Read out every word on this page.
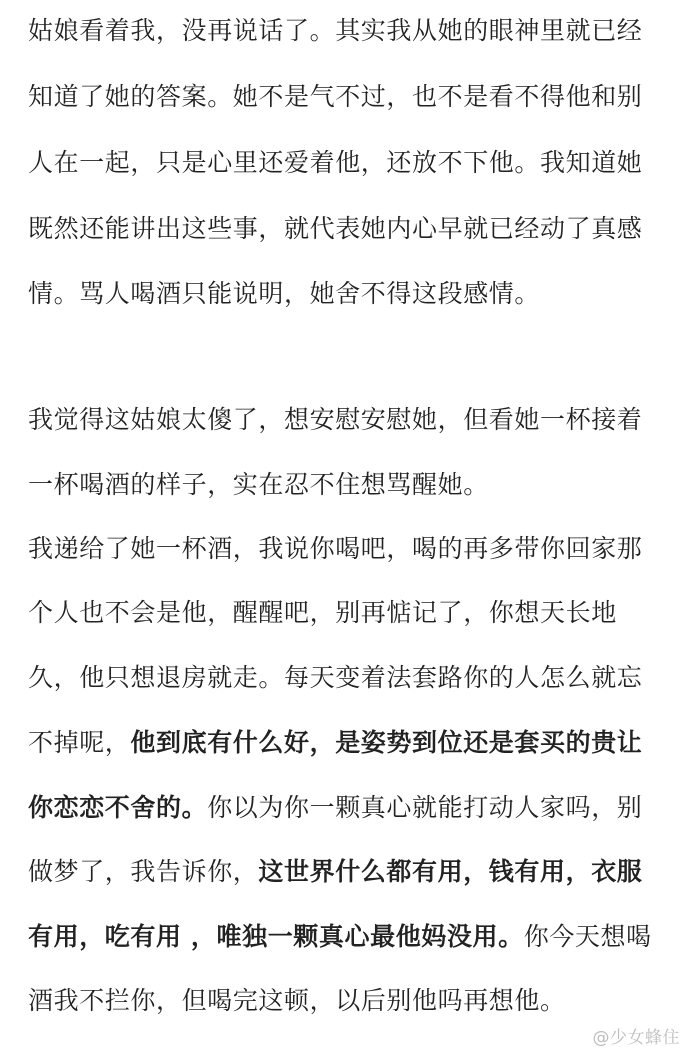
姑娘看着我，没再说话了。其实我从她的眼神里就已经
知道了她的答案。她不是气不过，也不是看不得他和别
人在一起，只是心里还爱着他，还放不下他。我知道她
既然还能讲出这些事，就代表她内心早就已经动了真感
情。骂人喝酒只能说明，她舍不得这段感情。
我觉得这姑娘太傻了，想安慰安慰她，但看她一杯接着
一杯喝酒的样子，实在忍不住想骂醒她。
我递给了她一杯酒，我说你喝吧，喝的再多带你回家那
个人也不会是他，醒醒吧，别再惦记了，你想天长地
久，他只想退房就走。每天变着法套路你的人怎么就忘
不掉呢，他到底有什么好，是姿势到位还是套买的贵让
你恋恋不舍的。你以为你一颗真心就能打动人家吗，别
做梦了，我告诉你，这世界什么都有用，钱有用，衣服
有用，吃有用 ，唯独一颗真心最他妈没用。你今天想喝
酒我不拦你，但喝完这顿，以后别他吗再想他。
@少女蜂住
